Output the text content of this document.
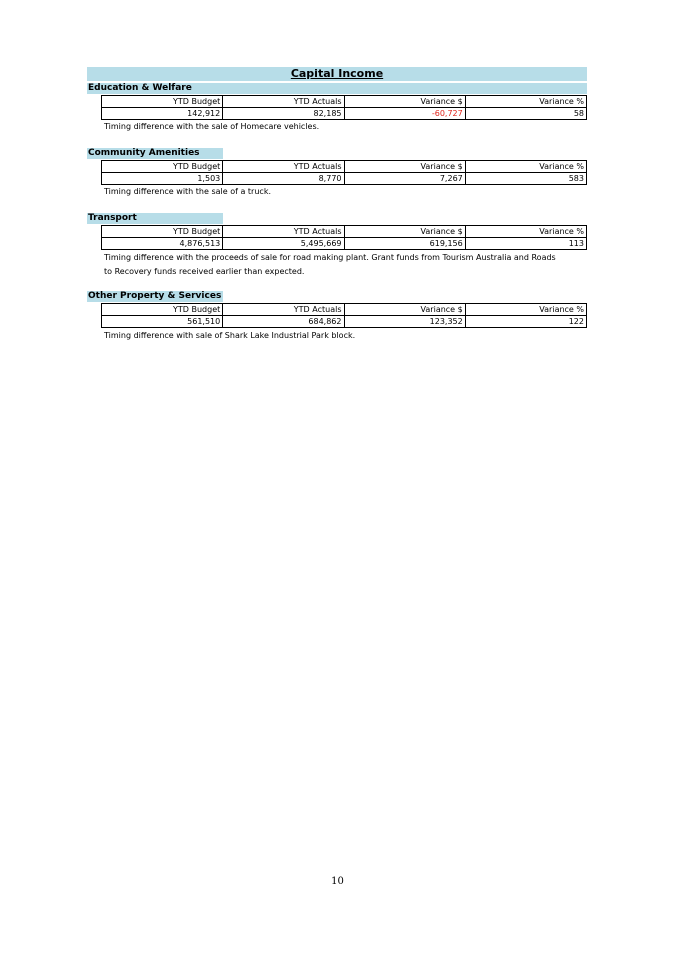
Capital Income
Education & Welfare
YTD Budget	YTD Actuals	Variance $	Variance %
142,912	82,185	-60,727	58
Timing difference with the sale of Homecare vehicles.
Community Amenities
YTD Budget	YTD Actuals	Variance $	Variance %
1,503	8,770	7,267	583
Timing difference with the sale of a truck.
Transport
YTD Budget	YTD Actuals	Variance $	Variance %
4,876,513	5,495,669	619,156	113
Timing difference with the proceeds of sale for road making plant. Grant funds from Tourism Australia and Roads
to Recovery funds received earlier than expected.
Other Property & Services
YTD Budget	YTD Actuals	Variance $	Variance %
561,510	684,862	123,352	122
Timing difference with sale of Shark Lake Industrial Park block.
10
